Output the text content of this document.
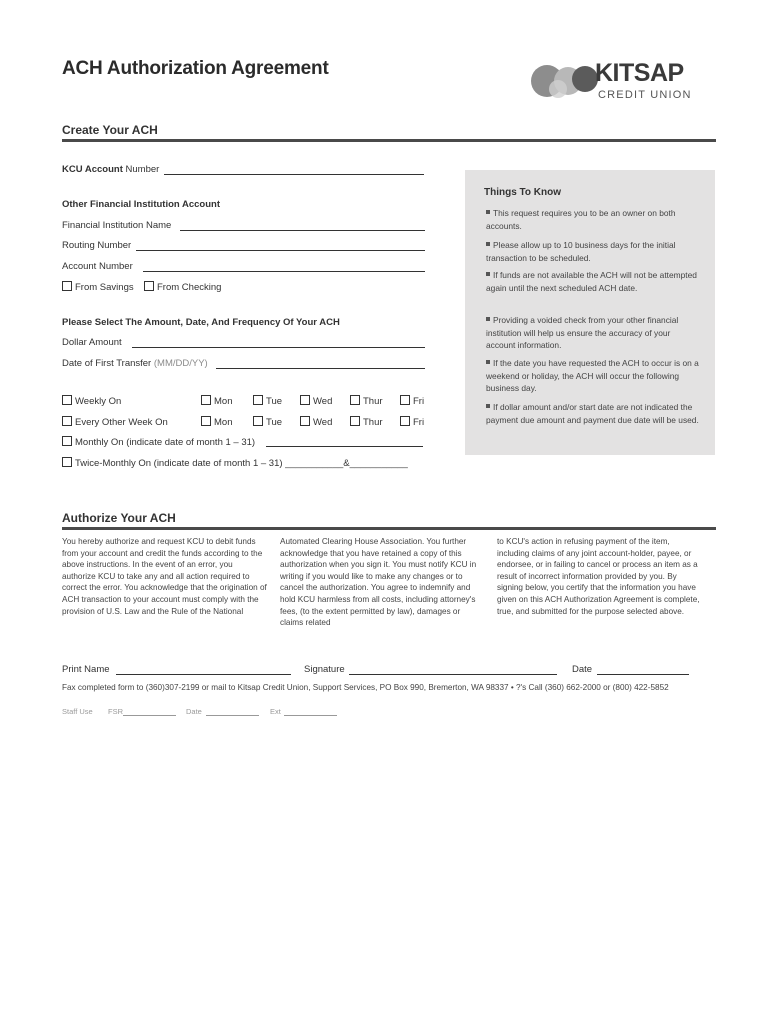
ACH Authorization Agreement	KITSAP
CREDIT UNION
Create Your ACH
KCU Account Number
Other Financial Institution Account
Financial Institution Name
Routing Number
Account Number
From Savings	From Checking
Please Select The Amount, Date, And Frequency Of Your ACH
Dollar Amount
Date of First Transfer (MM/DD/YY)
Weekly On	Mon	Tue	Wed	Thur	Fri
Every Other Week On	Mon	Tue	Wed	Thur	Fri
Monthly On (indicate date of month 1 – 31)
Twice-Monthly On (indicate date of month 1 – 31) ___________&___________
Things To Know
This request requires you to be an owner on both accounts.
Please allow up to 10 business days for the initial transaction to be scheduled.
If funds are not available the ACH will not be attempted again until the next scheduled ACH date.
Providing a voided check from your other financial institution will help us ensure the accuracy of your account information.
If the date you have requested the ACH to occur is on a weekend or holiday, the ACH will occur the following business day.
If dollar amount and/or start date are not indicated the payment due amount and payment due date will be used.
Authorize Your ACH
You hereby authorize and request KCU to debit funds from your account and credit the funds according to the above instructions. In the event of an error, you authorize KCU to take any and all action required to correct the error. You acknowledge that the origination of ACH transaction to your account must comply with the provision of U.S. Law and the Rule of the National
Automated Clearing House Association. You further acknowledge that you have retained a copy of this authorization when you sign it. You must notify KCU in writing if you would like to make any changes or to cancel the authorization. You agree to indemnify and hold KCU harmless from all costs, including attorney's fees, (to the extent permitted by law), damages or claims related
to KCU's action in refusing payment of the item, including claims of any joint account-holder, payee, or endorsee, or in failing to cancel or process an item as a result of incorrect information provided by you. By signing below, you certify that the information you have given on this ACH Authorization Agreement is complete, true, and submitted for the purpose selected above.
Print Name	Signature	Date
Fax completed form to (360)307-2199 or mail to Kitsap Credit Union, Support Services, PO Box 990, Bremerton, WA 98337 • ?'s Call (360) 662-2000 or (800) 422-5852
Staff Use FSR	Date	Ext
